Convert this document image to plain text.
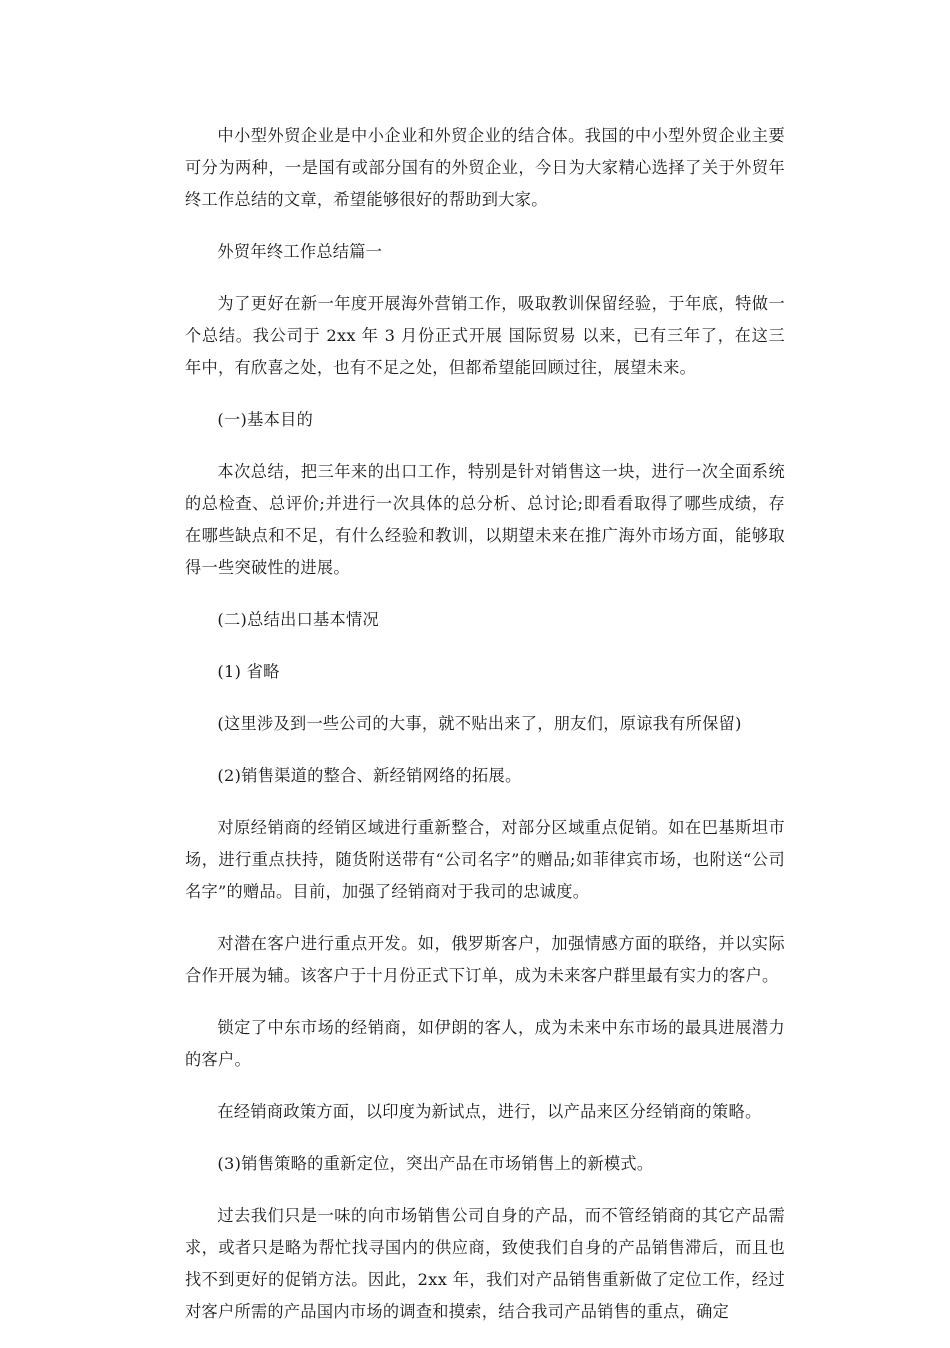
中小型外贸企业是中小企业和外贸企业的结合体。我国的中小型外贸企业主要可分为两种，一是国有或部分国有的外贸企业，今日为大家精心选择了关于外贸年终工作总结的文章，希望能够很好的帮助到大家。

外贸年终工作总结篇一

为了更好在新一年度开展海外营销工作，吸取教训保留经验，于年底，特做一个总结。我公司于 2xx 年 3 月份正式开展 国际贸易 以来，已有三年了，在这三年中，有欣喜之处，也有不足之处，但都希望能回顾过往，展望未来。

(一)基本目的

本次总结，把三年来的出口工作，特别是针对销售这一块，进行一次全面系统的总检查、总评价;并进行一次具体的总分析、总讨论;即看看取得了哪些成绩，存在哪些缺点和不足，有什么经验和教训，以期望未来在推广海外市场方面，能够取得一些突破性的进展。

(二)总结出口基本情况

(1) 省略

(这里涉及到一些公司的大事，就不贴出来了，朋友们，原谅我有所保留)

(2)销售渠道的整合、新经销网络的拓展。

对原经销商的经销区域进行重新整合，对部分区域重点促销。如在巴基斯坦市场，进行重点扶持，随货附送带有“公司名字”的赠品;如菲律宾市场，也附送“公司名字”的赠品。目前，加强了经销商对于我司的忠诚度。

对潜在客户进行重点开发。如，俄罗斯客户，加强情感方面的联络，并以实际合作开展为辅。该客户于十月份正式下订单，成为未来客户群里最有实力的客户。

锁定了中东市场的经销商，如伊朗的客人，成为未来中东市场的最具进展潜力的客户。

在经销商政策方面，以印度为新试点，进行，以产品来区分经销商的策略。

(3)销售策略的重新定位，突出产品在市场销售上的新模式。

过去我们只是一味的向市场销售公司自身的产品，而不管经销商的其它产品需求，或者只是略为帮忙找寻国内的供应商，致使我们自身的产品销售滞后，而且也找不到更好的促销方法。因此，2xx 年，我们对产品销售重新做了定位工作，经过对客户所需的产品国内市场的调查和摸索，结合我司产品销售的重点，确定
